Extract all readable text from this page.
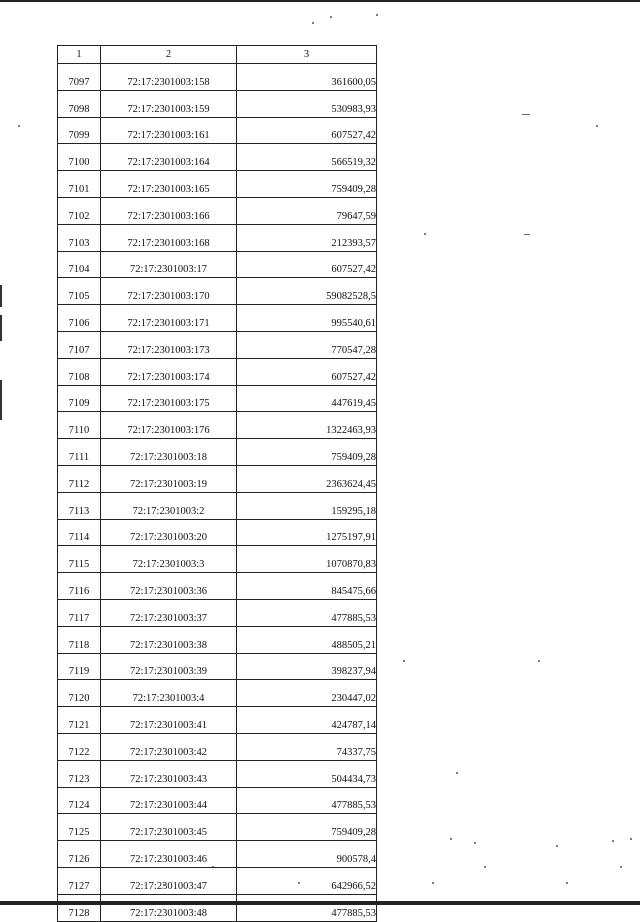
1	2	3
7097	72:17:2301003:158	361600,05
7098	72:17:2301003:159	530983,93
7099	72:17:2301003:161	607527,42
7100	72:17:2301003:164	566519,32
7101	72:17:2301003:165	759409,28
7102	72:17:2301003:166	79647,59
7103	72:17:2301003:168	212393,57
7104	72:17:2301003:17	607527,42
7105	72:17:2301003:170	59082528,5
7106	72:17:2301003:171	995540,61
7107	72:17:2301003:173	770547,28
7108	72:17:2301003:174	607527,42
7109	72:17:2301003:175	447619,45
7110	72:17:2301003:176	1322463,93
7111	72:17:2301003:18	759409,28
7112	72:17:2301003:19	2363624,45
7113	72:17:2301003:2	159295,18
7114	72:17:2301003:20	1275197,91
7115	72:17:2301003:3	1070870,83
7116	72:17:2301003:36	845475,66
7117	72:17:2301003:37	477885,53
7118	72:17:2301003:38	488505,21
7119	72:17:2301003:39	398237,94
7120	72:17:2301003:4	230447,02
7121	72:17:2301003:41	424787,14
7122	72:17:2301003:42	74337,75
7123	72:17:2301003:43	504434,73
7124	72:17:2301003:44	477885,53
7125	72:17:2301003:45	759409,28
7126	72:17:2301003:46	900578,4
7127	72:17:2301003:47	642966,52
7128	72:17:2301003:48	477885,53
